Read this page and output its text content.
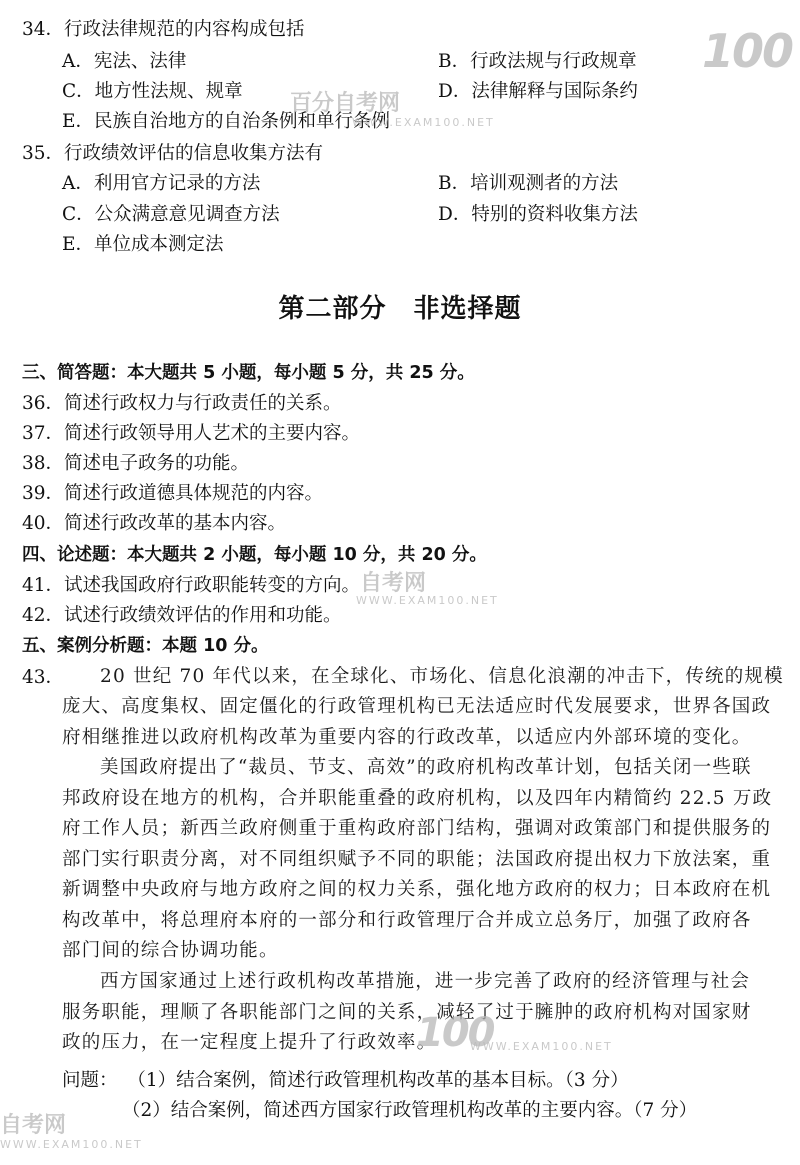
34．行政法律规范的内容构成包括
A．宪法、法律	B．行政法规与行政规章
C．地方性法规、规章	D．法律解释与国际条约
E．民族自治地方的自治条例和单行条例
35．行政绩效评估的信息收集方法有
A．利用官方记录的方法	B．培训观测者的方法
C．公众满意意见调查方法	D．特别的资料收集方法
E．单位成本测定法
第二部分　非选择题
三、简答题：本大题共 5 小题，每小题 5 分，共 25 分。
36．简述行政权力与行政责任的关系。
37．简述行政领导用人艺术的主要内容。
38．简述电子政务的功能。
39．简述行政道德具体规范的内容。
40．简述行政改革的基本内容。
四、论述题：本大题共 2 小题，每小题 10 分，共 20 分。
41．试述我国政府行政职能转变的方向。
42．试述行政绩效评估的作用和功能。
五、案例分析题：本题 10 分。
43． 20 世纪 70 年代以来，在全球化、市场化、信息化浪潮的冲击下，传统的规模
庞大、高度集权、固定僵化的行政管理机构已无法适应时代发展要求，世界各国政
府相继推进以政府机构改革为重要内容的行政改革，以适应内外部环境的变化。
美国政府提出了“裁员、节支、高效”的政府机构改革计划，包括关闭一些联
邦政府设在地方的机构，合并职能重叠的政府机构，以及四年内精简约 22.5 万政
府工作人员；新西兰政府侧重于重构政府部门结构，强调对政策部门和提供服务的
部门实行职责分离，对不同组织赋予不同的职能；法国政府提出权力下放法案，重
新调整中央政府与地方政府之间的权力关系，强化地方政府的权力；日本政府在机
构改革中，将总理府本府的一部分和行政管理厅合并成立总务厅，加强了政府各
部门间的综合协调功能。
西方国家通过上述行政机构改革措施，进一步完善了政府的经济管理与社会
服务职能，理顺了各职能部门之间的关系，减轻了过于臃肿的政府机构对国家财
政的压力，在一定程度上提升了行政效率。
问题： （1）结合案例，简述行政管理机构改革的基本目标。（3 分）
（2）结合案例，简述西方国家行政管理机构改革的主要内容。（7 分）
100
百分自考网
WWW.EXAM100.NET
自考网
WWW.EXAM100.NET
100
WWW.EXAM100.NET
自考网
WWW.EXAM100.NET
